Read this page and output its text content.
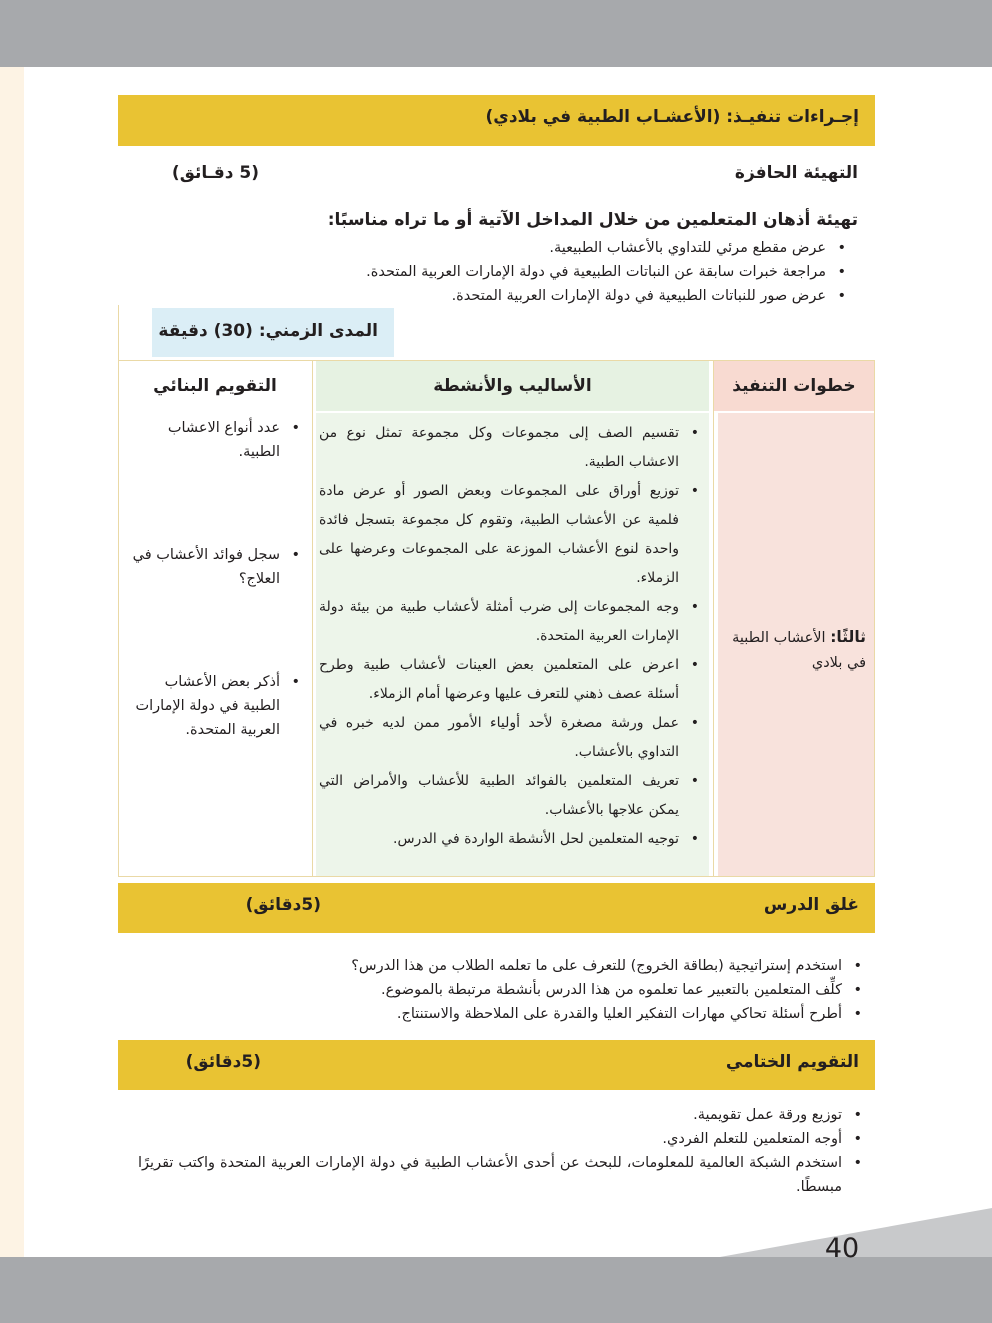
إجـراءات تنفيـذ: (الأعشـاب الطبية في بلادي)
التهيئة الحافزة
(5 دقـائق)
تهيئة أذهان المتعلمين من خلال المداخل الآتية أو ما تراه مناسبًا:
• عرض مقطع مرئي للتداوي بالأعشاب الطبيعية.
• مراجعة خبرات سابقة عن النباتات الطبيعية في دولة الإمارات العربية المتحدة.
• عرض صور للنباتات الطبيعية في دولة الإمارات العربية المتحدة.
المدى الزمني: (30) دقيقة
خطوات التنفيذ
الأساليب والأنشطة
التقويم البنائي
ثالثًا: الأعشاب الطبية في بلادي
• تقسيم الصف إلى مجموعات وكل مجموعة تمثل نوع من الاعشاب الطبية.
• توزيع أوراق على المجموعات وبعض الصور أو عرض مادة فلمية عن الأعشاب الطبية، وتقوم كل مجموعة بتسجل فائدة واحدة لنوع الأعشاب الموزعة على المجموعات وعرضها على الزملاء.
• وجه المجموعات إلى ضرب أمثلة لأعشاب طبية من بيئة دولة الإمارات العربية المتحدة.
• اعرض على المتعلمين بعض العينات لأعشاب طبية وطرح أسئلة عصف ذهني للتعرف عليها وعرضها أمام الزملاء.
• عمل ورشة مصغرة لأحد أولياء الأمور ممن لديه خبره في التداوي بالأعشاب.
• تعريف المتعلمين بالفوائد الطبية للأعشاب والأمراض التي يمكن علاجها بالأعشاب.
• توجيه المتعلمين لحل الأنشطة الواردة في الدرس.
• عدد أنواع الاعشاب الطبية.
• سجل فوائد الأعشاب في العلاج؟
• أذكر بعض الأعشاب الطبية في دولة الإمارات العربية المتحدة.
غلق الدرس
(5دقائق)
• استخدم إستراتيجية (بطاقة الخروج) للتعرف على ما تعلمه الطلاب من هذا الدرس؟
• كلِّف المتعلمين بالتعبير عما تعلموه من هذا الدرس بأنشطة مرتبطة بالموضوع.
• أطرح أسئلة تحاكي مهارات التفكير العليا والقدرة على الملاحظة والاستنتاج.
التقويم الختامي
(5دقائق)
• توزيع ورقة عمل تقويمية.
• أوجه المتعلمين للتعلم الفردي.
• استخدم الشبكة العالمية للمعلومات، للبحث عن أحدى الأعشاب الطبية في دولة الإمارات العربية المتحدة واكتب تقريرًا مبسطًا.
40
